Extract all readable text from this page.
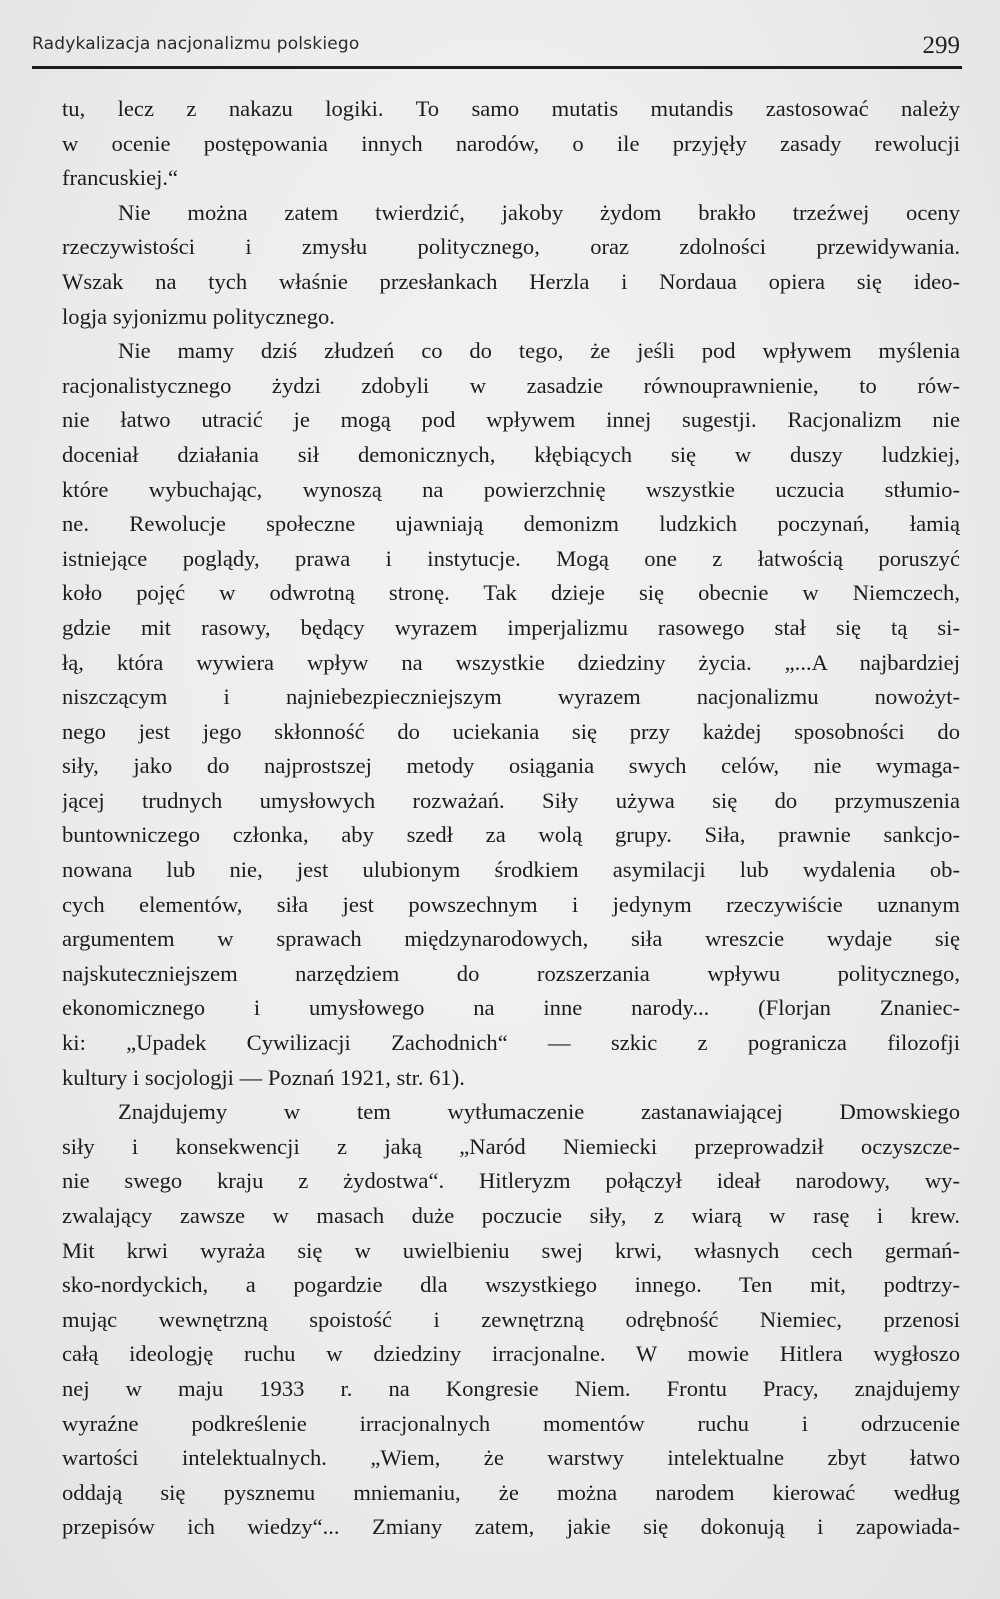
Radykalizacja nacjonalizmu polskiego	299
tu, lecz z nakazu logiki. To samo mutatis mutandis zastosować należy
w ocenie postępowania innych narodów, o ile przyjęły zasady rewolucji
francuskiej.“
Nie można zatem twierdzić, jakoby żydom brakło trzeźwej oceny
rzeczywistości i zmysłu politycznego, oraz zdolności przewidywania.
Wszak na tych właśnie przesłankach Herzla i Nordaua opiera się ideo-
logja syjonizmu politycznego.
Nie mamy dziś złudzeń co do tego, że jeśli pod wpływem myślenia
racjonalistycznego żydzi zdobyli w zasadzie równouprawnienie, to rów-
nie łatwo utracić je mogą pod wpływem innej sugestji. Racjonalizm nie
doceniał działania sił demonicznych, kłębiących się w duszy ludzkiej,
które wybuchając, wynoszą na powierzchnię wszystkie uczucia stłumio-
ne. Rewolucje społeczne ujawniają demonizm ludzkich poczynań, łamią
istniejące poglądy, prawa i instytucje. Mogą one z łatwością poruszyć
koło pojęć w odwrotną stronę. Tak dzieje się obecnie w Niemczech,
gdzie mit rasowy, będący wyrazem imperjalizmu rasowego stał się tą si-
łą, która wywiera wpływ na wszystkie dziedziny życia. „...A najbardziej
niszczącym i najniebezpieczniejszym wyrazem nacjonalizmu nowożyt-
nego jest jego skłonność do uciekania się przy każdej sposobności do
siły, jako do najprostszej metody osiągania swych celów, nie wymaga-
jącej trudnych umysłowych rozważań. Siły używa się do przymuszenia
buntowniczego członka, aby szedł za wolą grupy. Siła, prawnie sankcjo-
nowana lub nie, jest ulubionym środkiem asymilacji lub wydalenia ob-
cych elementów, siła jest powszechnym i jedynym rzeczywiście uznanym
argumentem w sprawach międzynarodowych, siła wreszcie wydaje się
najskuteczniejszem narzędziem do rozszerzania wpływu politycznego,
ekonomicznego i umysłowego na inne narody... (Florjan Znaniec-
ki: „Upadek Cywilizacji Zachodnich“ — szkic z pogranicza filozofji
kultury i socjologji — Poznań 1921, str. 61).
Znajdujemy w tem wytłumaczenie zastanawiającej Dmowskiego
siły i konsekwencji z jaką „Naród Niemiecki przeprowadził oczyszcze-
nie swego kraju z żydostwa“. Hitleryzm połączył ideał narodowy, wy-
zwalający zawsze w masach duże poczucie siły, z wiarą w rasę i krew.
Mit krwi wyraża się w uwielbieniu swej krwi, własnych cech germań-
sko-nordyckich, a pogardzie dla wszystkiego innego. Ten mit, podtrzy-
mując wewnętrzną spoistość i zewnętrzną odrębność Niemiec, przenosi
całą ideologję ruchu w dziedziny irracjonalne. W mowie Hitlera wygłoszo
nej w maju 1933 r. na Kongresie Niem. Frontu Pracy, znajdujemy
wyraźne podkreślenie irracjonalnych momentów ruchu i odrzucenie
wartości intelektualnych. „Wiem, że warstwy intelektualne zbyt łatwo
oddają się pysznemu mniemaniu, że można narodem kierować według
przepisów ich wiedzy“... Zmiany zatem, jakie się dokonują i zapowiada-
